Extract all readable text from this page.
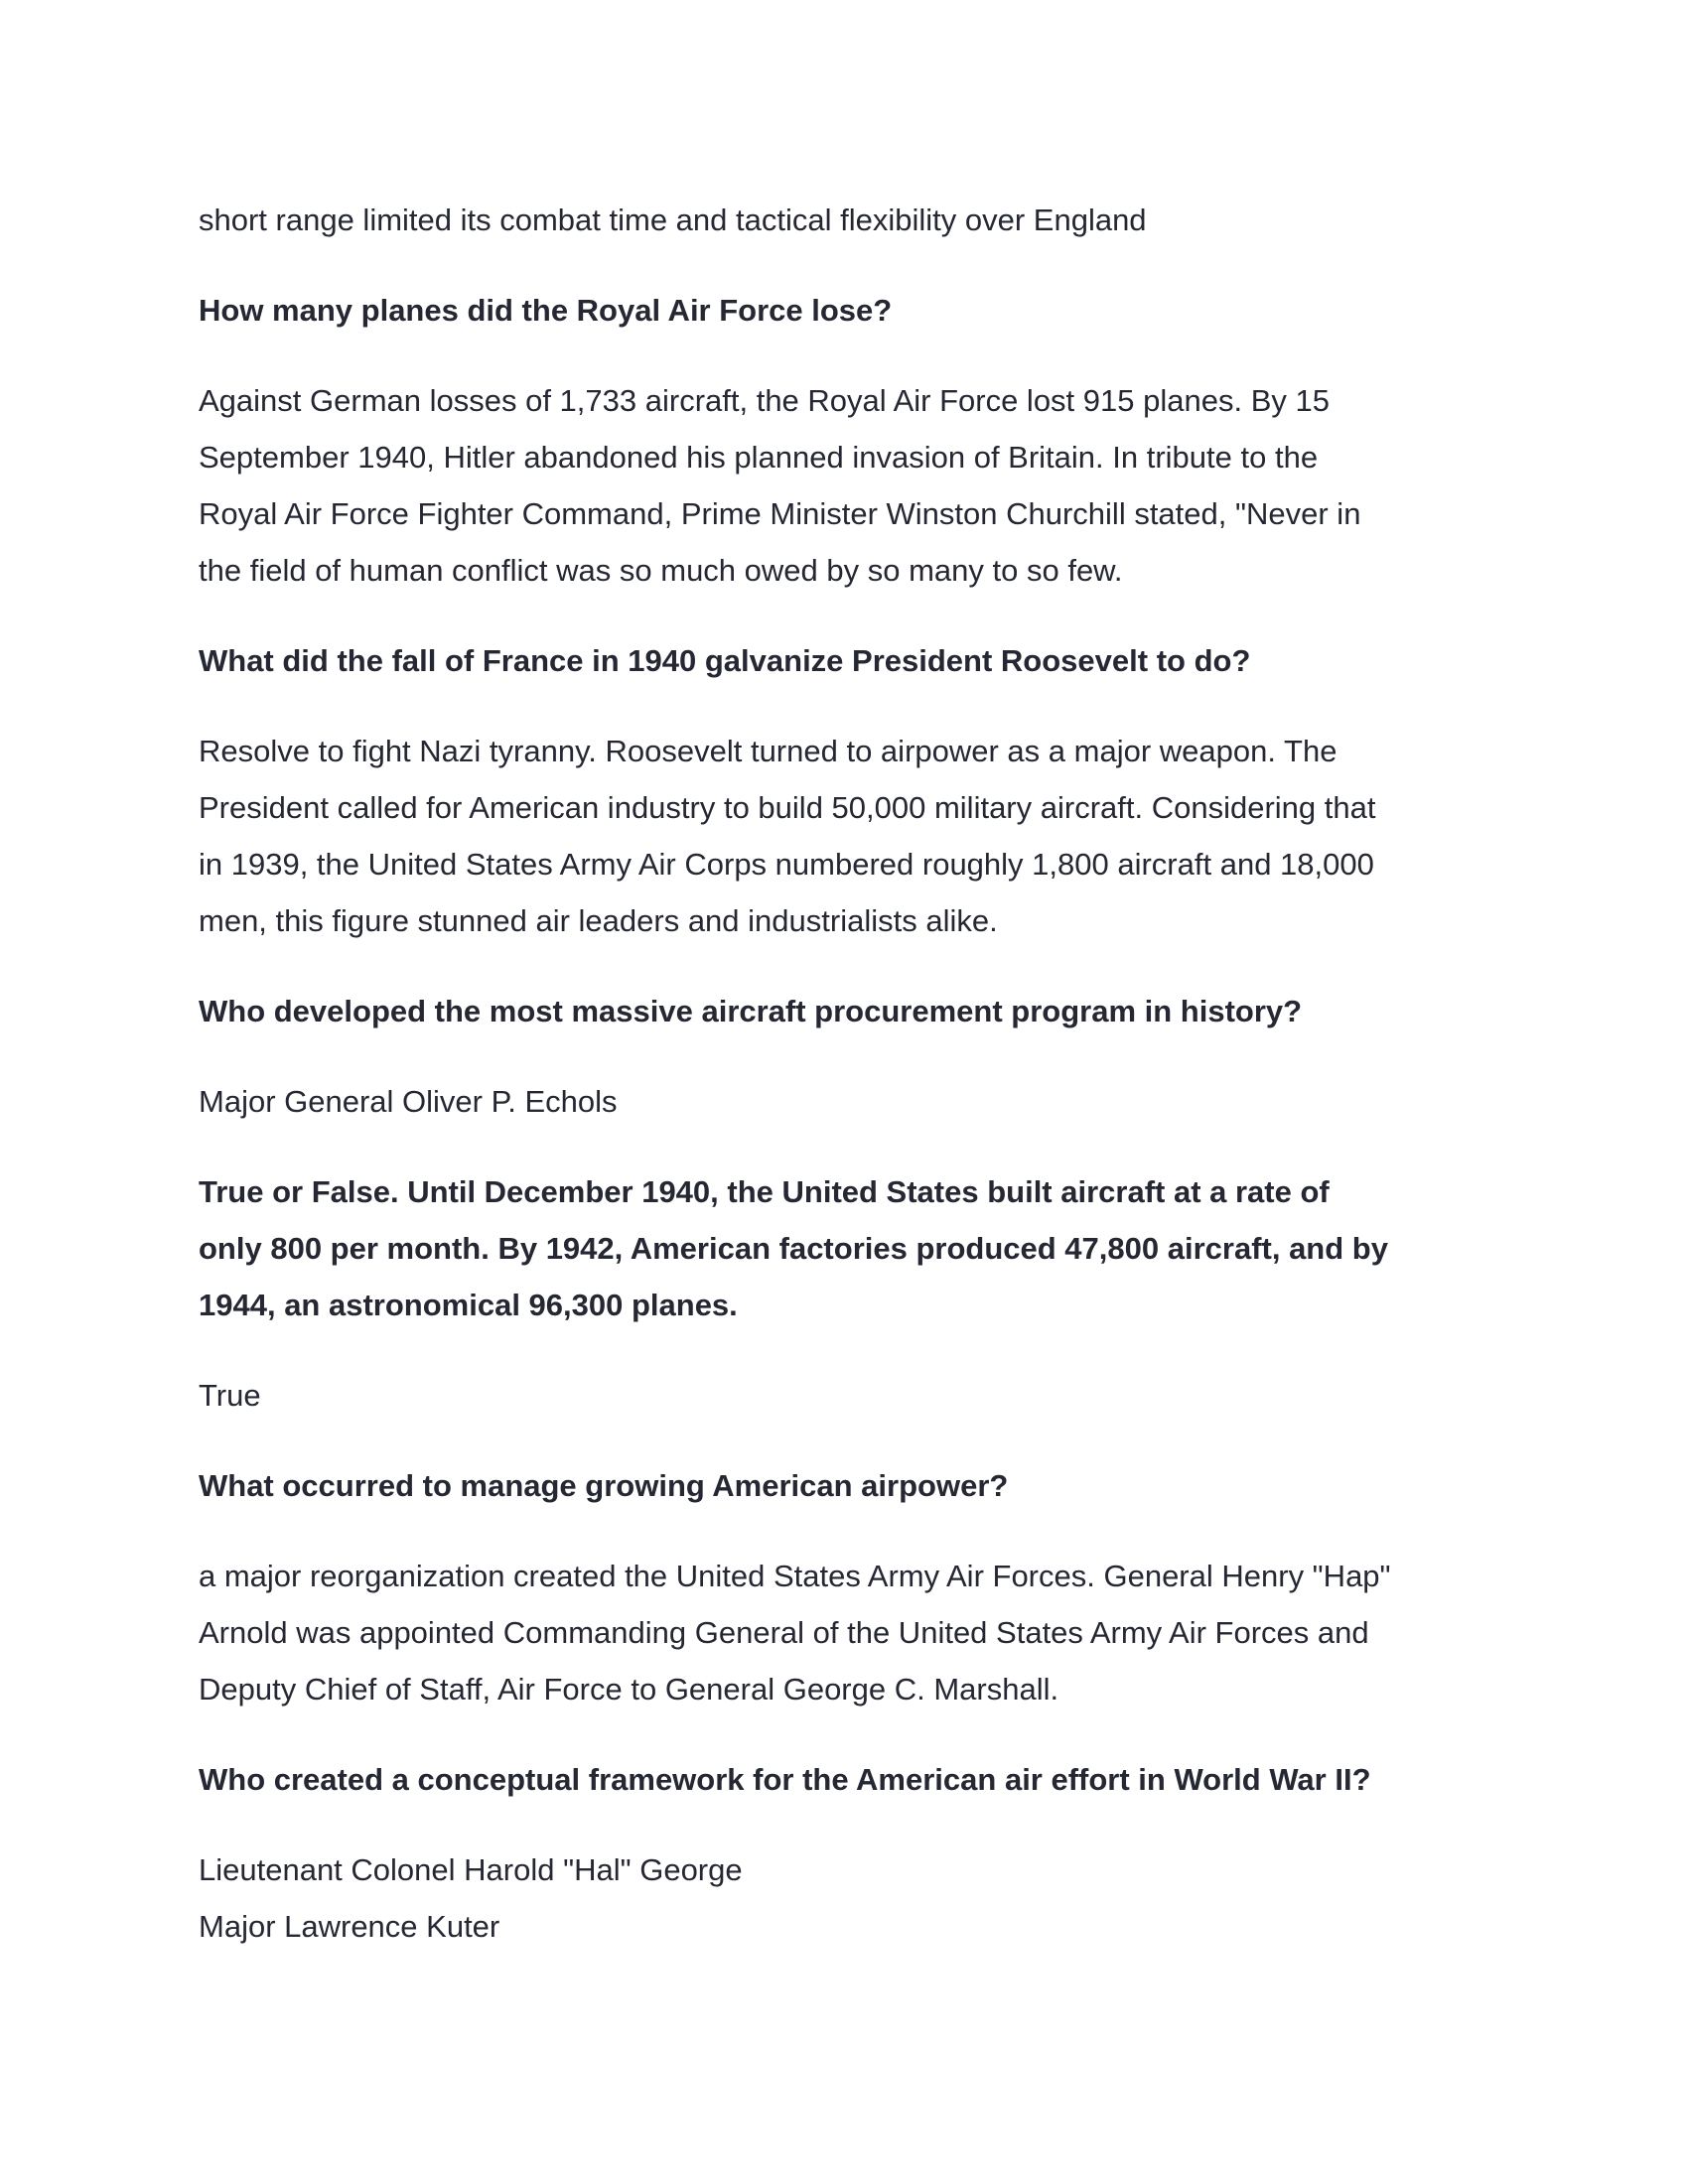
short range limited its combat time and tactical flexibility over England

How many planes did the Royal Air Force lose?

Against German losses of 1,733 aircraft, the Royal Air Force lost 915 planes. By 15
September 1940, Hitler abandoned his planned invasion of Britain. In tribute to the
Royal Air Force Fighter Command, Prime Minister Winston Churchill stated, "Never in
the field of human conflict was so much owed by so many to so few.

What did the fall of France in 1940 galvanize President Roosevelt to do?

Resolve to fight Nazi tyranny. Roosevelt turned to airpower as a major weapon. The
President called for American industry to build 50,000 military aircraft. Considering that
in 1939, the United States Army Air Corps numbered roughly 1,800 aircraft and 18,000
men, this figure stunned air leaders and industrialists alike.

Who developed the most massive aircraft procurement program in history?

Major General Oliver P. Echols

True or False. Until December 1940, the United States built aircraft at a rate of
only 800 per month. By 1942, American factories produced 47,800 aircraft, and by
1944, an astronomical 96,300 planes.

True

What occurred to manage growing American airpower?

a major reorganization created the United States Army Air Forces. General Henry "Hap"
Arnold was appointed Commanding General of the United States Army Air Forces and
Deputy Chief of Staff, Air Force to General George C. Marshall.

Who created a conceptual framework for the American air effort in World War II?

Lieutenant Colonel Harold "Hal" George
Major Lawrence Kuter
